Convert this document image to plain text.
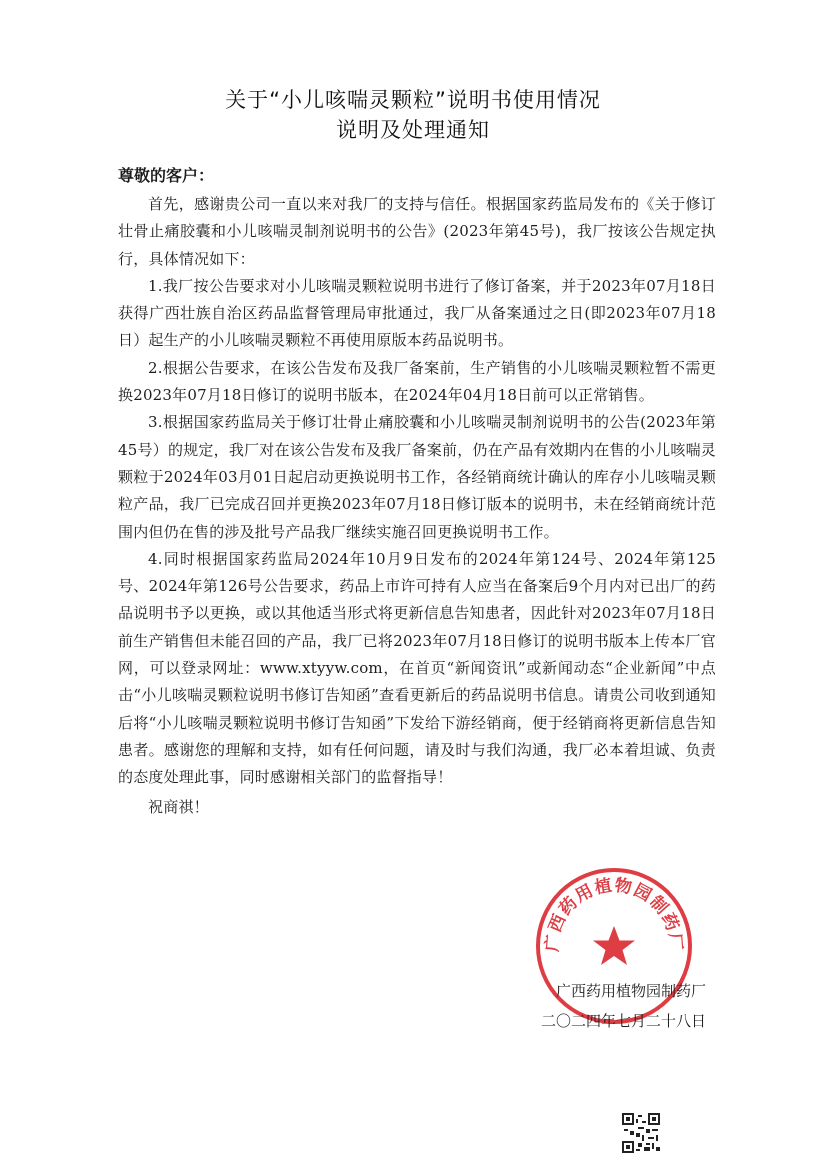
关于“小儿咳喘灵颗粒”说明书使用情况
说明及处理通知
尊敬的客户：

首先，感谢贵公司一直以来对我厂的支持与信任。根据国家药监局发布的《关于修订壮骨止痛胶囊和小儿咳喘灵制剂说明书的公告》(2023年第45号)，我厂按该公告规定执行，具体情况如下：

1.我厂按公告要求对小儿咳喘灵颗粒说明书进行了修订备案，并于2023年07月18日获得广西壮族自治区药品监督管理局审批通过，我厂从备案通过之日(即2023年07月18日）起生产的小儿咳喘灵颗粒不再使用原版本药品说明书。

2.根据公告要求，在该公告发布及我厂备案前，生产销售的小儿咳喘灵颗粒暂不需更换2023年07月18日修订的说明书版本，在2024年04月18日前可以正常销售。

3.根据国家药监局关于修订壮骨止痛胶囊和小儿咳喘灵制剂说明书的公告(2023年第45号）的规定，我厂对在该公告发布及我厂备案前，仍在产品有效期内在售的小儿咳喘灵颗粒于2024年03月01日起启动更换说明书工作，各经销商统计确认的库存小儿咳喘灵颗粒产品，我厂已完成召回并更换2023年07月18日修订版本的说明书，未在经销商统计范围内但仍在售的涉及批号产品我厂继续实施召回更换说明书工作。

4.同时根据国家药监局2024年10月9日发布的2024年第124号、2024年第125号、2024年第126号公告要求，药品上市许可持有人应当在备案后9个月内对已出厂的药品说明书予以更换，或以其他适当形式将更新信息告知患者，因此针对2023年07月18日前生产销售但未能召回的产品，我厂已将2023年07月18日修订的说明书版本上传本厂官网，可以登录网址：www.xtyyw.com，在首页“新闻资讯”或新闻动态“企业新闻”中点击“小儿咳喘灵颗粒说明书修订告知函”查看更新后的药品说明书信息。请贵公司收到通知后将“小儿咳喘灵颗粒说明书修订告知函”下发给下游经销商，便于经销商将更新信息告知患者。感谢您的理解和支持，如有任何问题，请及时与我们沟通，我厂必本着坦诚、负责的态度处理此事，同时感谢相关部门的监督指导！

祝商祺！

广西药用植物园制药厂
广西药用植物园制药厂
二〇二四年七月二十八日
